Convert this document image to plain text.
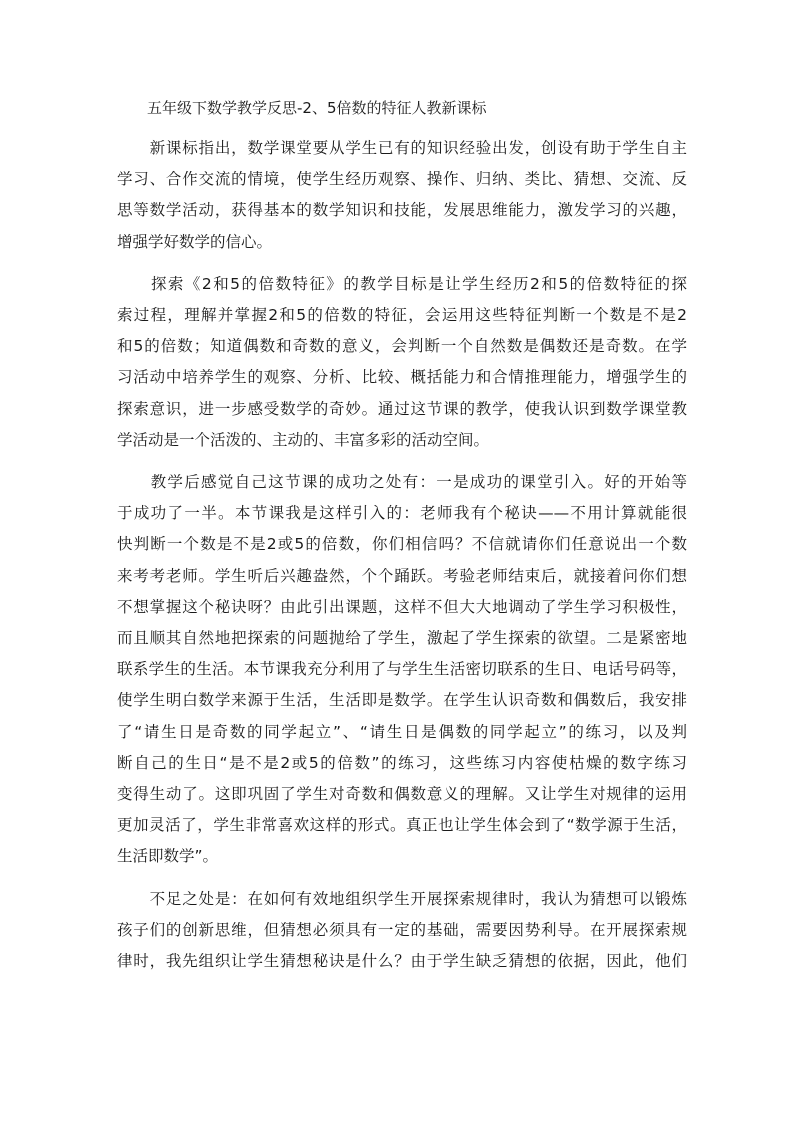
五年级下数学教学反思-2、5倍数的特征人教新课标
　　新课标指出，数学课堂要从学生已有的知识经验出发，创设有助于学生自主
学习、合作交流的情境，使学生经历观察、操作、归纳、类比、猜想、交流、反
思等数学活动，获得基本的数学知识和技能，发展思维能力，激发学习的兴趣，
增强学好数学的信心。
　　探索《2和5的倍数特征》的教学目标是让学生经历2和5的倍数特征的探
索过程，理解并掌握2和5的倍数的特征，会运用这些特征判断一个数是不是2
和5的倍数；知道偶数和奇数的意义，会判断一个自然数是偶数还是奇数。在学
习活动中培养学生的观察、分析、比较、概括能力和合情推理能力，增强学生的
探索意识，进一步感受数学的奇妙。通过这节课的教学，使我认识到数学课堂教
学活动是一个活泼的、主动的、丰富多彩的活动空间。
　　教学后感觉自己这节课的成功之处有：一是成功的课堂引入。好的开始等
于成功了一半。本节课我是这样引入的：老师我有个秘诀——不用计算就能很
快判断一个数是不是2或5的倍数，你们相信吗？不信就请你们任意说出一个数
来考考老师。学生听后兴趣盎然，个个踊跃。考验老师结束后，就接着问你们想
不想掌握这个秘诀呀？由此引出课题，这样不但大大地调动了学生学习积极性，
而且顺其自然地把探索的问题抛给了学生，激起了学生探索的欲望。二是紧密地
联系学生的生活。本节课我充分利用了与学生生活密切联系的生日、电话号码等，
使学生明白数学来源于生活，生活即是数学。在学生认识奇数和偶数后，我安排
了“请生日是奇数的同学起立”、“请生日是偶数的同学起立”的练习，以及判
断自己的生日“是不是2或5的倍数”的练习，这些练习内容使枯燥的数字练习
变得生动了。这即巩固了学生对奇数和偶数意义的理解。又让学生对规律的运用
更加灵活了，学生非常喜欢这样的形式。真正也让学生体会到了“数学源于生活，
生活即数学”。
　　不足之处是：在如何有效地组织学生开展探索规律时，我认为猜想可以锻炼
孩子们的创新思维，但猜想必须具有一定的基础，需要因势利导。在开展探索规
律时，我先组织让学生猜想秘诀是什么？由于学生缺乏猜想的依据，因此，他们
